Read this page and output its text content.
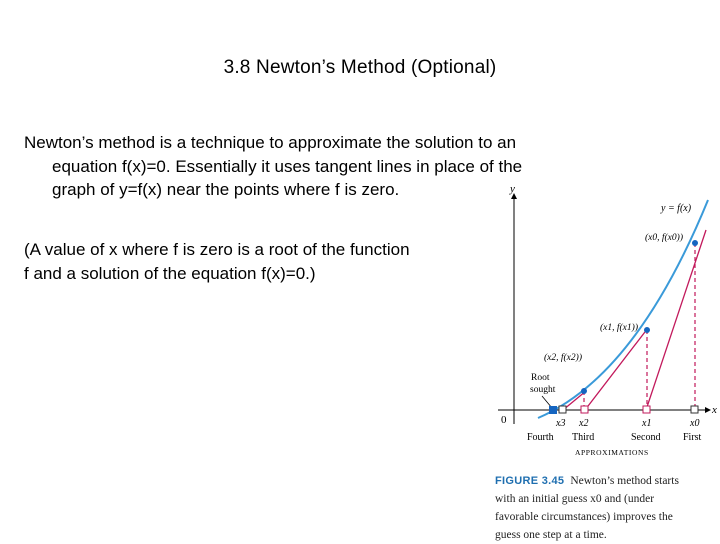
3.8 Newton’s Method (Optional)
Newton’s method is a technique to approximate the solution to an
equation f(x)=0. Essentially it uses tangent lines in place of the
graph of y=f(x) near the points where f is zero.
(A value of x where f is zero is a root of the function
f and a solution of the equation f(x)=0.)
y
x
0
y = f(x)
(x0, f(x0))
(x1, f(x1))
(x2, f(x2))
Root
sought
x3 x2	x1	x0
Fourth Third	Second First
APPROXIMATIONS
FIGURE 3.45 Newton’s method starts
with an initial guess x0 and (under
favorable circumstances) improves the
guess one step at a time.
